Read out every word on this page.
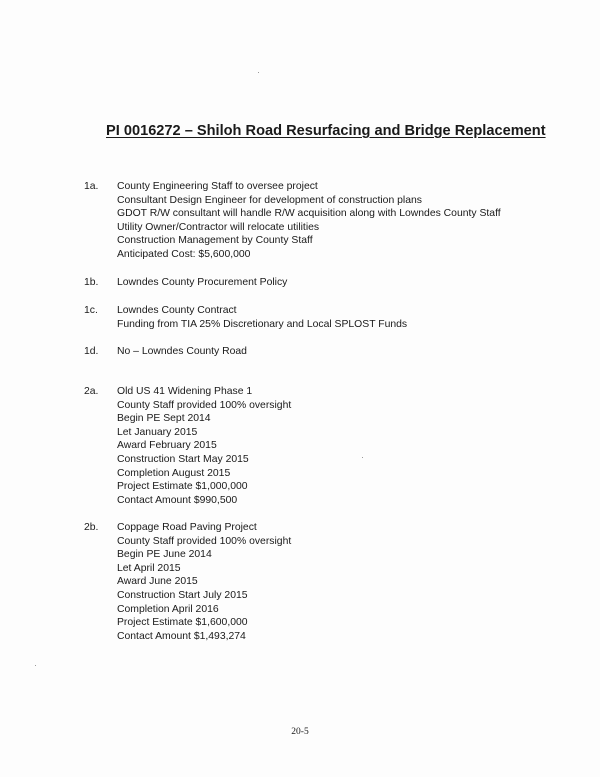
PI 0016272 – Shiloh Road Resurfacing and Bridge Replacement
1a.	County Engineering Staff to oversee project
Consultant Design Engineer for development of construction plans
GDOT R/W consultant will handle R/W acquisition along with Lowndes County Staff
Utility Owner/Contractor will relocate utilities
Construction Management by County Staff
Anticipated Cost: $5,600,000
1b.	Lowndes County Procurement Policy
1c.	Lowndes County Contract
Funding from TIA 25% Discretionary and Local SPLOST Funds
1d.	No – Lowndes County Road
2a.	Old US 41 Widening Phase 1
County Staff provided 100% oversight
Begin PE Sept 2014
Let January 2015
Award February 2015
Construction Start May 2015
Completion August 2015
Project Estimate $1,000,000
Contact Amount $990,500
2b.	Coppage Road Paving Project
County Staff provided 100% oversight
Begin PE June 2014
Let April 2015
Award June 2015
Construction Start July 2015
Completion April 2016
Project Estimate $1,600,000
Contact Amount $1,493,274
20-5
